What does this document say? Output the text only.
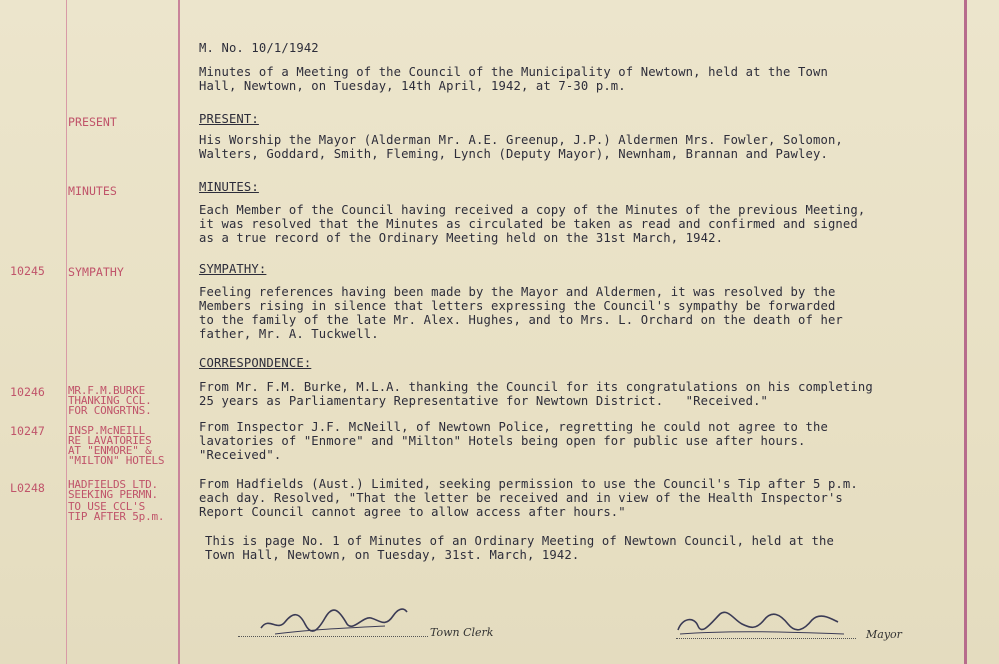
M. No. 10/1/1942
Minutes of a Meeting of the Council of the Municipality of Newtown, held at the Town
Hall, Newtown, on Tuesday, 14th April, 1942, at 7-30 p.m.
PRESENT	PRESENT:
His Worship the Mayor (Alderman Mr. A.E. Greenup, J.P.) Aldermen Mrs. Fowler, Solomon,
Walters, Goddard, Smith, Fleming, Lynch (Deputy Mayor), Newnham, Brannan and Pawley.
MINUTES	MINUTES:
Each Member of the Council having received a copy of the Minutes of the previous Meeting,
it was resolved that the Minutes as circulated be taken as read and confirmed and signed
as a true record of the Ordinary Meeting held on the 31st March, 1942.
10245 SYMPATHY	SYMPATHY:
Feeling references having been made by the Mayor and Aldermen, it was resolved by the
Members rising in silence that letters expressing the Council's sympathy be forwarded
to the family of the late Mr. Alex. Hughes, and to Mrs. L. Orchard on the death of her
father, Mr. A. Tuckwell.
CORRESPONDENCE:
10246 MR.F.M.BURKE
THANKING CCL.
FOR CONGRTNS.
From Mr. F.M. Burke, M.L.A. thanking the Council for its congratulations on his completing
25 years as Parliamentary Representative for Newtown District.   "Received."
10247 INSP.McNEILL
RE LAVATORIES
AT "ENMORE" &
"MILTON" HOTELS
From Inspector J.F. McNeill, of Newtown Police, regretting he could not agree to the
lavatories of "Enmore" and "Milton" Hotels being open for public use after hours.
"Received".
L0248 HADFIELDS LTD.
SEEKING PERMN.
TO USE CCL'S
TIP AFTER 5p.m.
From Hadfields (Aust.) Limited, seeking permission to use the Council's Tip after 5 p.m.
each day. Resolved, "That the letter be received and in view of the Health Inspector's
Report Council cannot agree to allow access after hours."
This is page No. 1 of Minutes of an Ordinary Meeting of Newtown Council, held at the
Town Hall, Newtown, on Tuesday, 31st. March, 1942.
Town Clerk	Mayor
